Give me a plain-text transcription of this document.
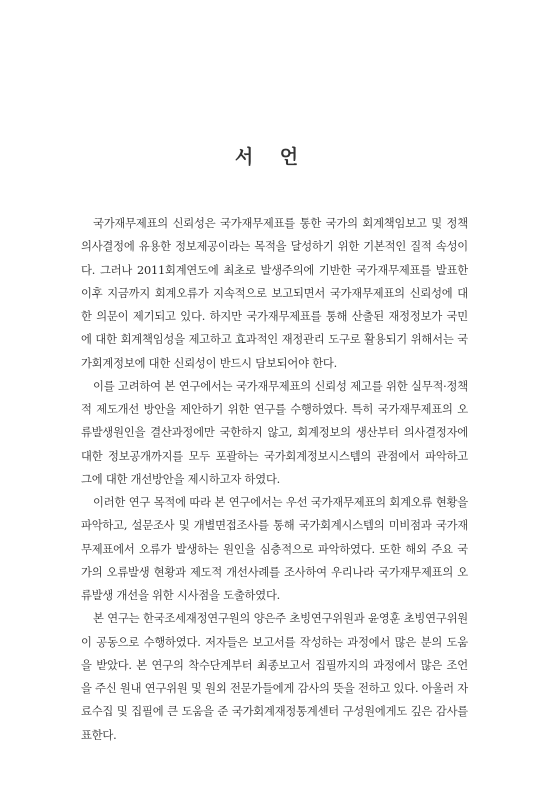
서 언

국가재무제표의 신뢰성은 국가재무제표를 통한 국가의 회계책임보고 및 정책의사결정에 유용한 정보제공이라는 목적을 달성하기 위한 기본적인 질적 속성이다. 그러나 2011회계연도에 최초로 발생주의에 기반한 국가재무제표를 발표한 이후 지금까지 회계오류가 지속적으로 보고되면서 국가재무제표의 신뢰성에 대한 의문이 제기되고 있다. 하지만 국가재무제표를 통해 산출된 재정정보가 국민에 대한 회계책임성을 제고하고 효과적인 재정관리 도구로 활용되기 위해서는 국가회계정보에 대한 신뢰성이 반드시 담보되어야 한다.

이를 고려하여 본 연구에서는 국가재무제표의 신뢰성 제고를 위한 실무적·정책적 제도개선 방안을 제안하기 위한 연구를 수행하였다. 특히 국가재무제표의 오류발생원인을 결산과정에만 국한하지 않고, 회계정보의 생산부터 의사결정자에 대한 정보공개까지를 모두 포괄하는 국가회계정보시스템의 관점에서 파악하고 그에 대한 개선방안을 제시하고자 하였다.

이러한 연구 목적에 따라 본 연구에서는 우선 국가재무제표의 회계오류 현황을 파악하고, 설문조사 및 개별면접조사를 통해 국가회계시스템의 미비점과 국가재무제표에서 오류가 발생하는 원인을 심층적으로 파악하였다. 또한 해외 주요 국가의 오류발생 현황과 제도적 개선사례를 조사하여 우리나라 국가재무제표의 오류발생 개선을 위한 시사점을 도출하였다.

본 연구는 한국조세재정연구원의 양은주 초빙연구위원과 윤영훈 초빙연구위원이 공동으로 수행하였다. 저자들은 보고서를 작성하는 과정에서 많은 분의 도움을 받았다. 본 연구의 착수단계부터 최종보고서 집필까지의 과정에서 많은 조언을 주신 원내 연구위원 및 원외 전문가들에게 감사의 뜻을 전하고 있다. 아울러 자료수집 및 집필에 큰 도움을 준 국가회계재정통계센터 구성원에게도 깊은 감사를 표한다.
